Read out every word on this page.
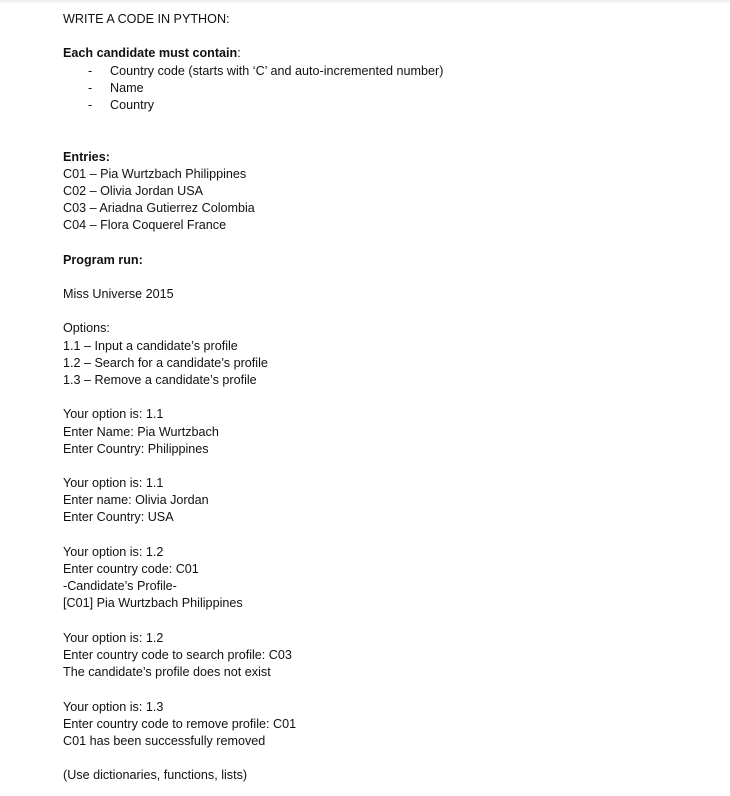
WRITE A CODE IN PYTHON:
Each candidate must contain:
- Country code (starts with ‘C’ and auto-incremented number)
- Name
- Country
Entries:
C01 – Pia Wurtzbach Philippines
C02 – Olivia Jordan USA
C03 – Ariadna Gutierrez Colombia
C04 – Flora Coquerel France
Program run:
Miss Universe 2015
Options:
1.1 – Input a candidate’s profile
1.2 – Search for a candidate’s profile
1.3 – Remove a candidate’s profile
Your option is: 1.1
Enter Name: Pia Wurtzbach
Enter Country: Philippines
Your option is: 1.1
Enter name: Olivia Jordan
Enter Country: USA
Your option is: 1.2
Enter country code: C01
-Candidate’s Profile-
[C01] Pia Wurtzbach Philippines
Your option is: 1.2
Enter country code to search profile: C03
The candidate’s profile does not exist
Your option is: 1.3
Enter country code to remove profile: C01
C01 has been successfully removed
(Use dictionaries, functions, lists)
